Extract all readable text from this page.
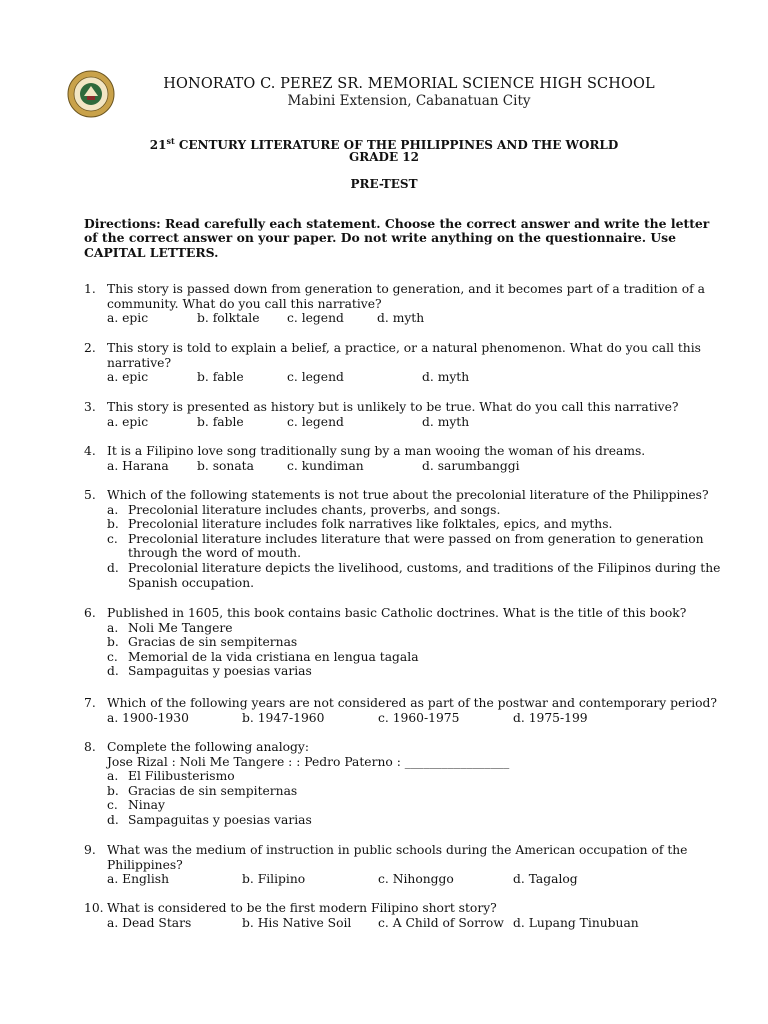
HONORATO C. PEREZ SR. MEMORIAL SCIENCE HIGH SCHOOL
Mabini Extension, Cabanatuan City
21st CENTURY LITERATURE OF THE PHILIPPINES AND THE WORLD
GRADE 12
PRE-TEST
Directions: Read carefully each statement. Choose the correct answer and write the letter of the correct answer on your paper. Do not write anything on the questionnaire. Use CAPITAL LETTERS.
1. This story is passed down from generation to generation, and it becomes part of a tradition of a community. What do you call this narrative?
a. epic	b. folktale c. legend	d. myth
2. This story is told to explain a belief, a practice, or a natural phenomenon. What do you call this narrative?
a. epic	b. fable	c. legend	d. myth
3. This story is presented as history but is unlikely to be true. What do you call this narrative?
a. epic	b. fable	c. legend	d. myth
4. It is a Filipino love song traditionally sung by a man wooing the woman of his dreams.
a. Harana b. sonata	c. kundiman	d. sarumbanggi
5. Which of the following statements is not true about the precolonial literature of the Philippines?
a. Precolonial literature includes chants, proverbs, and songs.
b. Precolonial literature includes folk narratives like folktales, epics, and myths.
c. Precolonial literature includes literature that were passed on from generation to generation through the word of mouth.
d. Precolonial literature depicts the livelihood, customs, and traditions of the Filipinos during the Spanish occupation.
6. Published in 1605, this book contains basic Catholic doctrines. What is the title of this book?
a. Noli Me Tangere
b. Gracias de sin sempiternas
c. Memorial de la vida cristiana en lengua tagala
d. Sampaguitas y poesias varias
7. Which of the following years are not considered as part of the postwar and contemporary period?
a. 1900-1930	b. 1947-1960	c. 1960-1975	d. 1975-199
8. Complete the following analogy:
Jose Rizal : Noli Me Tangere : : Pedro Paterno : _________________
a. El Filibusterismo
b. Gracias de sin sempiternas
c. Ninay
d. Sampaguitas y poesias varias
9. What was the medium of instruction in public schools during the American occupation of the Philippines?
a. English	b. Filipino	c. Nihonggo	d. Tagalog
10. What is considered to be the first modern Filipino short story?
a. Dead Stars	b. His Native Soil c. A Child of Sorrow d. Lupang Tinubuan
